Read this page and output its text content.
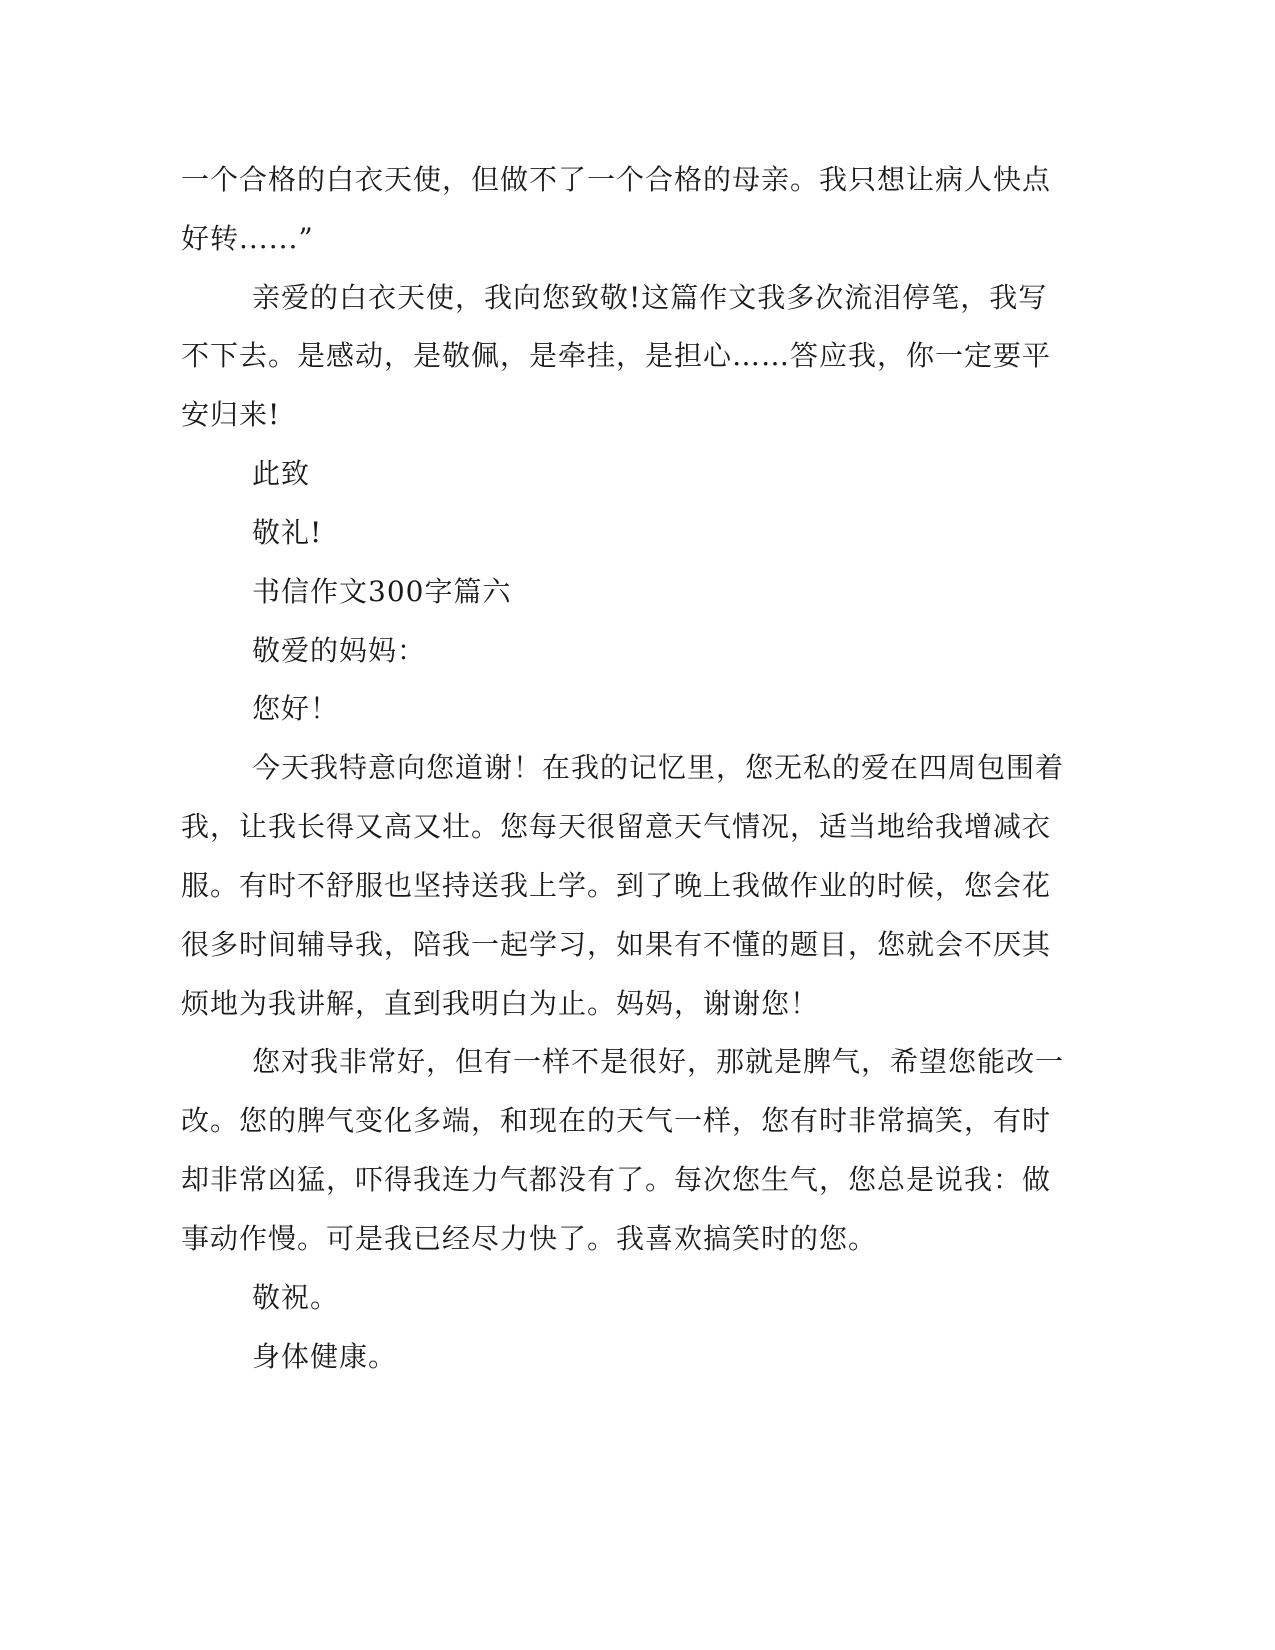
一个合格的白衣天使，但做不了一个合格的母亲。我只想让病人快点
好转......”
亲爱的白衣天使，我向您致敬!这篇作文我多次流泪停笔，我写
不下去。是感动，是敬佩，是牵挂，是担心……答应我，你一定要平
安归来!
此致
敬礼!
书信作文300字篇六
敬爱的妈妈：
您好！
今天我特意向您道谢！在我的记忆里，您无私的爱在四周包围着
我，让我长得又高又壮。您每天很留意天气情况，适当地给我增减衣
服。有时不舒服也坚持送我上学。到了晚上我做作业的时候，您会花
很多时间辅导我，陪我一起学习，如果有不懂的题目，您就会不厌其
烦地为我讲解，直到我明白为止。妈妈，谢谢您！
您对我非常好，但有一样不是很好，那就是脾气，希望您能改一
改。您的脾气变化多端，和现在的天气一样，您有时非常搞笑，有时
却非常凶猛，吓得我连力气都没有了。每次您生气，您总是说我：做
事动作慢。可是我已经尽力快了。我喜欢搞笑时的您。
敬祝。
身体健康。
